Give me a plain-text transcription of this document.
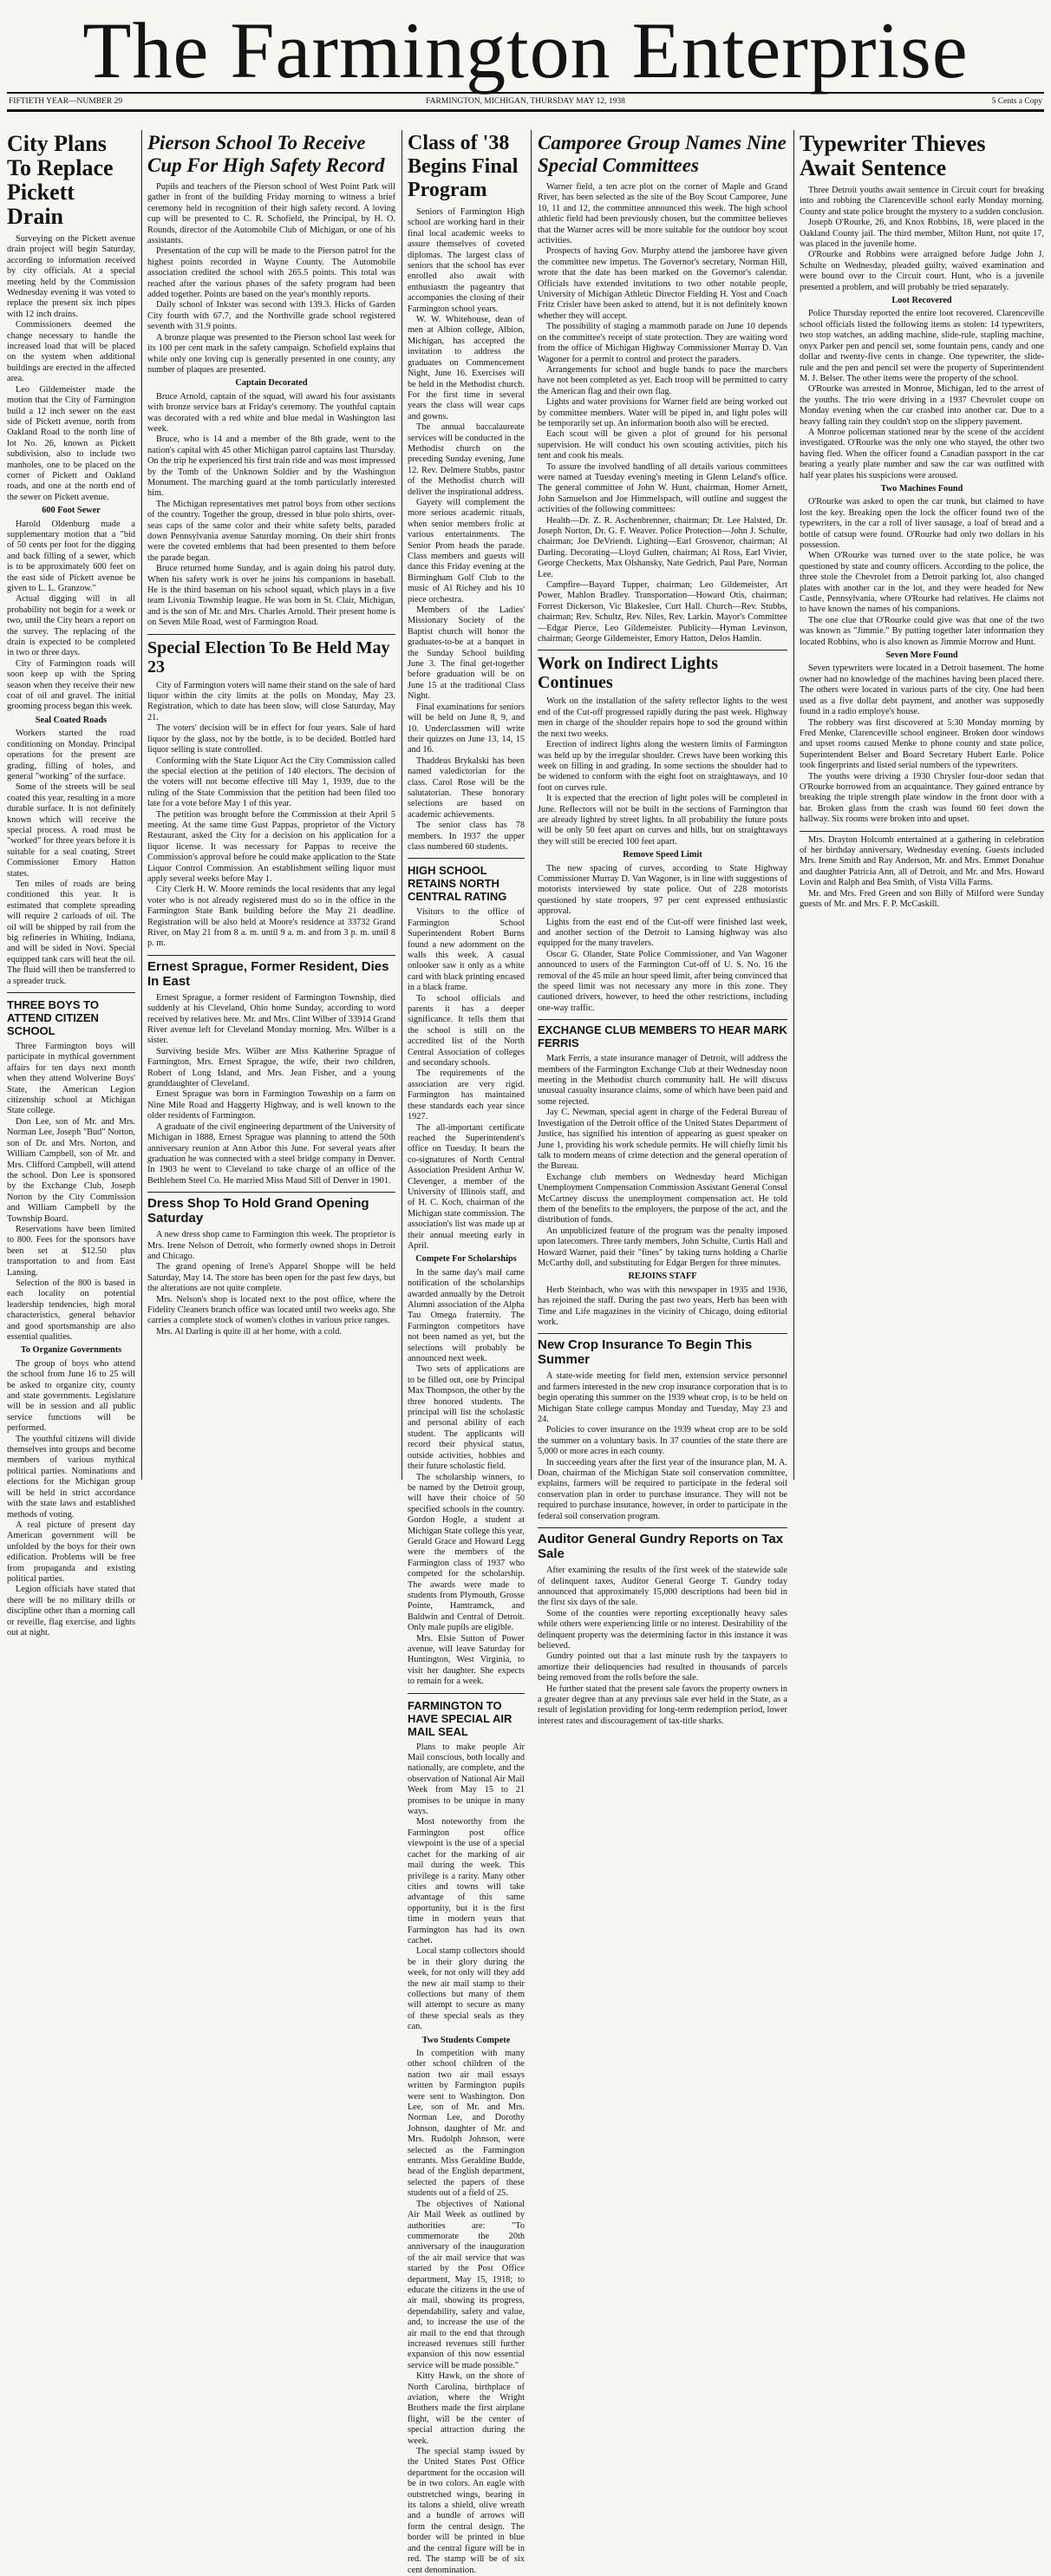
The Farmington Enterprise
FIFTIETH YEAR—NUMBER 29	FARMINGTON, MICHIGAN, THURSDAY MAY 12, 1938	5 Cents a Copy
City Plans To Replace Pickett Drain

Surveying on the Pickett avenue drain project will begin Saturday, according to information received by city officials. At a special meeting held by the Commission Wednesday evening it was voted to replace the present six inch pipes with 12 inch drains.

Commissioners deemed the change necessary to handle the increased load that will be placed on the system when additional buildings are erected in the affected area.

Leo Gildemeister made the motion that the City of Farmington build a 12 inch sewer on the east side of Pickett avenue, north from Oakland Road to the north line of lot No. 26, known as Pickett subdivision, also to include two manholes, one to be placed on the corner of Pickett and Oakland roads, and one at the north end of the sewer on Pickett avenue.

600 Foot Sewer

Harold Oldenburg made a supplementary motion that a "bid of 50 cents per foot for the digging and back filling of a sewer, which is to be approximately 600 feet on the east side of Pickett avenue be given to L. L. Granzow."

Actual digging will in all probability not begin for a week or two, until the City hears a report on the survey. The replacing of the drain is expected to be completed in two or three days.

City of Farmington roads will soon keep up with the Spring season when they receive their new coat of oil and gravel. The initial grooming process began this week.

Seal Coated Roads

Workers started the road conditioning on Monday. Principal operations for the present are grading, filling of holes, and general "working" of the surface.

Some of the streets will be seal coated this year, resulting in a more durable surface. It is not definitely known which will receive the special process. A road must be "worked" for three years before it is suitable for a seal coating, Street Commissioner Emory Hatton states.

Ten miles of roads are being conditioned this year. It is estimated that complete spreading will require 2 carloads of oil. The oil will be shipped by rail from the big refineries in Whiting, Indiana, and will be sided in Novi. Special equipped tank cars will heat the oil. The fluid will then be transferred to a spreader truck.

THREE BOYS TO ATTEND CITIZEN SCHOOL

Three Farmington boys will participate in mythical government affairs for ten days next month when they attend Wolverine Boys' State, the American Legion citizenship school at Michigan State college.

Don Lee, son of Mr. and Mrs. Norman Lee, Joseph "Bud" Norton, son of Dr. and Mrs. Norton, and William Campbell, son of Mr. and Mrs. Clifford Campbell, will attend the school. Don Lee is sponsored by the Exchange Club, Joseph Norton by the City Commission and William Campbell by the Township Board.

Reservations have been limited to 800. Fees for the sponsors have been set at $12.50 plus transportation to and from East Lansing.

Selection of the 800 is based in each locality on potential leadership tendencies, high moral characteristics, general behavior and good sportsmanship are also essential qualities.

To Organize Governments

The group of boys who attend the school from June 16 to 25 will be asked to organize city, county and state governments. Legislature will be in session and all public service functions will be performed.

The youthful citizens will divide themselves into groups and become members of various mythical political parties. Nominations and elections for the Michigan group will be held in strict accordance with the state laws and established methods of voting.

A real picture of present day American government will be unfolded by the boys for their own edification. Problems will be free from propaganda and existing political parties.

Legion officials have stated that there will be no military drills or discipline other than a morning call or reveille, flag exercise, and lights out at night.

Pierson School To Receive Cup For High Safety Record

Pupils and teachers of the Pierson school of West Point Park will gather in front of the building Friday morning to witness a brief ceremony held in recognition of their high safety record. A loving cup will be presented to C. R. Schofield, the Principal, by H. O. Rounds, director of the Automobile Club of Michigan, or one of his assistants.

Presentation of the cup will be made to the Pierson patrol for the highest points recorded in Wayne County. The Automobile association credited the school with 265.5 points. This total was reached after the various phases of the safety program had been added together. Points are based on the year's monthly reports.

Daily school of Inkster was second with 139.3. Hicks of Garden City fourth with 67.7, and the Northville grade school registered seventh with 31.9 points.

A bronze plaque was presented to the Pierson school last week for its 100 per cent mark in the safety campaign. Schofield explains that while only one loving cup is generally presented in one county, any number of plaques are presented.

Captain Decorated

Bruce Arnold, captain of the squad, will award his four assistants with bronze service bars at Friday's ceremony. The youthful captain was decorated with a red white and blue medal in Washington last week.

Bruce, who is 14 and a member of the 8th grade, went to the nation's capital with 45 other Michigan patrol captains last Thursday. On the trip he experienced his first train ride and was most impressed by the Tomb of the Unknown Soldier and by the Washington Monument. The marching guard at the tomb particularly interested him.

The Michigan representatives met patrol boys from other sections of the country. Together the group, dressed in blue polo shirts, over-seas caps of the same color and their white safety belts, paraded down Pennsylvania avenue Saturday morning. On their shirt fronts were the coveted emblems that had been presented to them before the parade began.

Bruce returned home Sunday, and is again doing his patrol duty. When his safety work is over he joins his companions in baseball. He is the third baseman on his school squad, which plays in a five team Livonia Township league. He was born in St. Clair, Michigan, and is the son of Mr. and Mrs. Charles Arnold. Their present home is on Seven Mile Road, west of Farmington Road.

Special Election To Be Held May 23

City of Farmington voters will name their stand on the sale of hard liquor within the city limits at the polls on Monday, May 23. Registration, which to date has been slow, will close Saturday, May 21.

The voters' decision will be in effect for four years. Sale of hard liquor by the glass, not by the bottle, is to be decided. Bottled hard liquor selling is state controlled.

Conforming with the State Liquor Act the City Commission called the special election at the petition of 140 electors. The decision of the voters will not become effective till May 1, 1939, due to the ruling of the State Commission that the petition had been filed too late for a vote before May 1 of this year.

The petition was brought before the Commission at their April 5 meeting. At the same time Gust Pappas, proprietor of the Victory Restaurant, asked the City for a decision on his application for a liquor license. It was necessary for Pappas to receive the Commission's approval before he could make application to the State Liquor Control Commission. An establishment selling liquor must apply several weeks before May 1.

City Clerk H. W. Moore reminds the local residents that any legal voter who is not already registered must do so in the office in the Farmington State Bank building before the May 21 deadline. Registration will be also held at Moore's residence at 33732 Grand River, on May 21 from 8 a. m. until 9 a. m. and from 3 p. m. until 8 p. m.

Ernest Sprague, Former Resident, Dies In East

Ernest Sprague, a former resident of Farmington Township, died suddenly at his Cleveland, Ohio home Sunday, according to word received by relatives here. Mr. and Mrs. Clint Wilber of 33914 Grand River avenue left for Cleveland Monday morning. Mrs. Wilber is a sister.

Surviving beside Mrs. Wilber are Miss Katherine Sprague of Farmington, Mrs. Ernest Sprague, the wife, their two children, Robert of Long Island, and Mrs. Jean Fisher, and a young granddaughter of Cleveland.

Ernest Sprague was born in Farmington Township on a farm on Nine Mile Road and Haggerty Highway, and is well known to the older residents of Farmington.

A graduate of the civil engineering department of the University of Michigan in 1888, Ernest Sprague was planning to attend the 50th anniversary reunion at Ann Arbor this June. For several years after graduation he was connected with a steel bridge company in Denver. In 1903 he went to Cleveland to take charge of an office of the Bethlehem Steel Co. He married Miss Maud Sill of Denver in 1901.

Dress Shop To Hold Grand Opening Saturday

A new dress shop came to Farmington this week. The proprietor is Mrs. Irene Nelson of Detroit, who formerly owned shops in Detroit and Chicago.

The grand opening of Irene's Apparel Shoppe will be held Saturday, May 14. The store has been open for the past few days, but the alterations are not quite complete.

Mrs. Nelson's shop is located next to the post office, where the Fidelity Cleaners branch office was located until two weeks ago. She carries a complete stock of women's clothes in various price ranges.

Mrs. Al Darling is quite ill at her home, with a cold.

Class of '38 Begins Final Program

Seniors of Farmington High school are working hard in their final local academic weeks to assure themselves of coveted diplomas. The largest class of seniors that the school has ever enrolled also await with enthusiasm the pageantry that accompanies the closing of their Farmington school years.

W. W. Whitehouse, dean of men at Albion college, Albion, Michigan, has accepted the invitation to address the graduates on Commencement Night, June 16. Exercises will be held in the Methodist church. For the first time in several years the class will wear caps and gowns.

The annual baccalaureate services will be conducted in the Methodist church on the preceding Sunday evening, June 12. Rev. Delmere Stubbs, pastor of the Methodist church will deliver the inspirational address.

Gayety will complement the more serious academic rituals, when senior members frolic at various entertainments. The Senior Prom heads the parade. Class members and guests will dance this Friday evening at the Birmingham Golf Club to the music of Al Richey and his 10 piece orchestra.

Members of the Ladies' Missionary Society of the Baptist church will honor the graduates-to-be at a banquet in the Sunday School building June 3. The final get-together before graduation will be on June 15 at the traditional Class Night.

Final examinations for seniors will be held on June 8, 9, and 10. Underclassmen will write their quizzes on June 13, 14, 15 and 16.

Thaddeus Brykalski has been named valedictorian for the class. Carol Rose will be the salutatorian. These honorary selections are based on academic achievements.

The senior class has 78 members. In 1937 the upper class numbered 60 students.

HIGH SCHOOL RETAINS NORTH CENTRAL RATING

Visitors to the office of Farmington School Superintendent Robert Burns found a new adornment on the walls this week. A casual onlooker saw it only as a white card with black printing encased in a black frame.

To school officials and parents it has a deeper significance. It tells them that the school is still on the accredited list of the North Central Association of colleges and secondary schools.

The requirements of the association are very rigid. Farmington has maintained these standards each year since 1927.

The all-important certificate reached the Superintendent's office on Tuesday. It bears the co-signatures of North Central Association President Arthur W. Clevenger, a member of the University of Illinois staff, and of H. C. Koch, chairman of the Michigan state commission. The association's list was made up at their annual meeting early in April.

Compete For Scholarships

In the same day's mail came notification of the scholarships awarded annually by the Detroit Alumni association of the Alpha Tau Omega fraternity. The Farmington competitors have not been named as yet, but the selections will probably be announced next week.

Two sets of applications are to be filled out, one by Principal Max Thompson, the other by the three honored students. The principal will list the scholastic and personal ability of each student. The applicants will record their physical status, outside activities, hobbies and their future scholastic field.

The scholarship winners, to be named by the Detroit group, will have their choice of 50 specified schools in the country. Gordon Hogle, a student at Michigan State college this year, Gerald Grace and Howard Legg were the members of the Farmington class of 1937 who competed for the scholarship. The awards were made to students from Plymouth, Grosse Pointe, Hamtramck, and Baldwin and Central of Detroit. Only male pupils are eligible.

Mrs. Elsie Sutton of Power avenue, will leave Saturday for Huntington, West Virginia, to visit her daughter. She expects to remain for a week.

FARMINGTON TO HAVE SPECIAL AIR MAIL SEAL

Plans to make people Air Mail conscious, both locally and nationally, are complete, and the observation of National Air Mail Week from May 15 to 21 promises to be unique in many ways.

Most noteworthy from the Farmington post office viewpoint is the use of a special cachet for the marking of air mail during the week. This privilege is a rarity. Many other cities and towns will take advantage of this same opportunity, but it is the first time in modern years that Farmington has had its own cachet.

Local stamp collectors should be in their glory during the week, for not only will they add the new air mail stamp to their collections but many of them will attempt to secure as many of these special seals as they can.

Two Students Compete

In competition with many other school children of the nation two air mail essays written by Farmington pupils were sent to Washington. Don Lee, son of Mr. and Mrs. Norman Lee, and Dorothy Johnson, daughter of Mr. and Mrs. Rudolph Johnson, were selected as the Farmington entrants. Miss Geraldine Budde, head of the English department, selected the papers of these students out of a field of 25.

The objectives of National Air Mail Week as outlined by authorities are: "To commemorate the 20th anniversary of the inauguration of the air mail service that was started by the Post Office department, May 15, 1918; to educate the citizens in the use of air mail, showing its progress, dependability, safety and value, and, to increase the use of the air mail to the end that through increased revenues still further expansion of this now essential service will be made possible."

Kitty Hawk, on the shore of North Carolina, birthplace of aviation, where the Wright Brothers made the first airplane flight, will be the center of special attraction during the week.

The special stamp issued by the United States Post Office department for the occasion will be in two colors. An eagle with outstretched wings, bearing in its talons a shield, olive wreath and a bundle of arrows will form the central design. The border will be printed in blue and the central figure will be in red. The stamp will be of six cent denomination.

Camporee Group Names Nine Special Committees

Warner field, a ten acre plot on the corner of Maple and Grand River, has been selected as the site of the Boy Scout Camporee, June 10, 11 and 12, the committee announced this week. The high school athletic field had been previously chosen, but the committee believes that the Warner acres will be more suitable for the outdoor boy scout activities.

Prospects of having Gov. Murphy attend the jamboree have given the committee new impetus. The Governor's secretary, Norman Hill, wrote that the date has been marked on the Governor's calendar. Officials have extended invitations to two other notable people, University of Michigan Athletic Director Fielding H. Yost and Coach Fritz Crisler have been asked to attend, but it is not definitely known whether they will accept.

The possibility of staging a mammoth parade on June 10 depends on the committee's receipt of state protection. They are waiting word from the office of Michigan Highway Commissioner Murray D. Van Wagoner for a permit to control and protect the paraders.

Arrangements for school and bugle bands to pace the marchers have not been completed as yet. Each troop will be permitted to carry the American flag and their own flag.

Lights and water provisions for Warner field are being worked out by committee members. Water will be piped in, and light poles will be temporarily set up. An information booth also will be erected.

Each scout will be given a plot of ground for his personal supervision. He will conduct his own scouting activities, pitch his tent and cook his meals.

To assure the involved handling of all details various committees were named at Tuesday evening's meeting in Glenn Leland's office. The general committee of John W. Hunt, chairman, Homer Arnett, John Samuelson and Joe Himmelspach, will outline and suggest the activities of the following committees:

Health—Dr. Z. R. Aschenbrenner, chairman; Dr. Lee Halsted, Dr. Joseph Norton, Dr. G. F. Weaver. Police Protection—John J. Schulte, chairman; Joe DeVriendt. Lighting—Earl Grosvenor, chairman; Al Darling. Decorating—Lloyd Gulten, chairman; Al Ross, Earl Vivier, George Checketts, Max Olshansky, Nate Gedrich, Paul Pare, Norman Lee.

Campfire—Bayard Tupper, chairman; Leo Gildemeister, Art Power, Mahlon Bradley. Transportation—Howard Otis, chairman; Forrest Dickerson, Vic Blakeslee, Curt Hall. Church—Rev. Stubbs, chairman; Rev. Schultz, Rev. Niles, Rev. Larkin. Mayor's Committee—Edgar Pierce, Leo Gildemeister. Publicity—Hyman Levinson, chairman; George Gildemeister, Emory Hatton, Delos Hamlin.

Work on Indirect Lights Continues

Work on the installation of the safety reflector lights to the west end of the Cut-off progressed rapidly during the past week. Highway men in charge of the shoulder repairs hope to sod the ground within the next two weeks.

Erection of indirect lights along the western limits of Farmington was held up by the irregular shoulder. Crews have been working this week on filling in and grading. In some sections the shoulder had to be widened to conform with the eight foot on straightaways, and 10 foot on curves rule.

It is expected that the erection of light poles will be completed in June. Reflectors will not be built in the sections of Farmington that are already lighted by street lights. In all probability the future posts will be only 50 feet apart on curves and hills, but on straightaways they will still be erected 100 feet apart.

Remove Speed Limit

The new spacing of curves, according to State Highway Commissioner Murray D. Van Wagoner, is in line with suggestions of motorists interviewed by state police. Out of 228 motorists questioned by state troopers, 97 per cent expressed enthusiastic approval.

Lights from the east end of the Cut-off were finished last week, and another section of the Detroit to Lansing highway was also equipped for the many travelers.

Oscar G. Olander, State Police Commissioner, and Van Wagoner announced to users of the Farmington Cut-off of U. S. No. 16 the removal of the 45 mile an hour speed limit, after being convinced that the speed limit was not necessary any more in this zone. They cautioned drivers, however, to heed the other restrictions, including one-way traffic.

EXCHANGE CLUB MEMBERS TO HEAR MARK FERRIS

Mark Ferris, a state insurance manager of Detroit, will address the members of the Farmington Exchange Club at their Wednesday noon meeting in the Methodist church community hall. He will discuss unusual casualty insurance claims, some of which have been paid and some rejected.

Jay C. Newman, special agent in charge of the Federal Bureau of Investigation of the Detroit office of the United States Department of Justice, has signified his intention of appearing as guest speaker on June 1, providing his work schedule permits. He will chiefly limit his talk to modern means of crime detection and the general operation of the Bureau.

Exchange club members on Wednesday heard Michigan Unemployment Compensation Commission Assistant General Consul McCartney discuss the unemployment compensation act. He told them of the benefits to the employers, the purpose of the act, and the distribution of funds.

An unpublicized feature of the program was the penalty imposed upon latecomers. Three tardy members, John Schulte, Curtis Hall and Howard Warner, paid their "fines" by taking turns holding a Charlie McCarthy doll, and substituting for Edgar Bergen for three minutes.

REJOINS STAFF

Herb Steinbach, who was with this newspaper in 1935 and 1936, has rejoined the staff. During the past two years, Herb has been with Time and Life magazines in the vicinity of Chicago, doing editorial work.

New Crop Insurance To Begin This Summer

A state-wide meeting for field men, extension service personnel and farmers interested in the new crop insurance corporation that is to begin operating this summer on the 1939 wheat crop, is to be held on Michigan State college campus Monday and Tuesday, May 23 and 24.

Policies to cover insurance on the 1939 wheat crop are to be sold the summer on a voluntary basis. In 37 counties of the state there are 5,000 or more acres in each county.

In succeeding years after the first year of the insurance plan, M. A. Doan, chairman of the Michigan State soil conservation committee, explains, farmers will be required to participate in the federal soil conservation plan in order to purchase insurance. They will not be required to purchase insurance, however, in order to participate in the federal soil conservation program.

Auditor General Gundry Reports on Tax Sale

After examining the results of the first week of the statewide sale of delinquent taxes, Auditor General George T. Gundry today announced that approximately 15,000 descriptions had been bid in the first six days of the sale.

Some of the counties were reporting exceptionally heavy sales while others were experiencing little or no interest. Desirability of the delinquent property was the determining factor in this instance it was believed.

Gundry pointed out that a last minute rush by the taxpayers to amortize their delinquencies had resulted in thousands of parcels being removed from the rolls before the sale.

He further stated that the present sale favors the property owners in a greater degree than at any previous sale ever held in the State, as a result of legislation providing for long-term redemption period, lower interest rates and discouragement of tax-title sharks.

Typewriter Thieves Await Sentence

Three Detroit youths await sentence in Circuit court for breaking into and robbing the Clarenceville school early Monday morning. County and state police brought the mystery to a sudden conclusion.

Joseph O'Rourke, 26, and Knox Robbins, 18, were placed in the Oakland County jail. The third member, Milton Hunt, not quite 17, was placed in the juvenile home.

O'Rourke and Robbins were arraigned before Judge John J. Schulte on Wednesday, pleaded guilty, waived examination and were bound over to the Circuit court. Hunt, who is a juvenile presented a problem, and will probably be tried separately.

Loot Recovered

Police Thursday reported the entire loot recovered. Clarenceville school officials listed the following items as stolen: 14 typewriters, two stop watches, an adding machine, slide-rule, stapling machine, onyx Parker pen and pencil set, some fountain pens, candy and one dollar and twenty-five cents in change. One typewriter, the slide-rule and the pen and pencil set were the property of Superintendent M. J. Belser. The other items were the property of the school.

O'Rourke was arrested in Monroe, Michigan, led to the arrest of the youths. The trio were driving in a 1937 Chevrolet coupe on Monday evening when the car crashed into another car. Due to a heavy falling rain they couldn't stop on the slippery pavement.

A Monroe policeman stationed near by the scene of the accident investigated. O'Rourke was the only one who stayed, the other two having fled. When the officer found a Canadian passport in the car bearing a yearly plate number and saw the car was outfitted with half year plates his suspicions were aroused.

Two Machines Found

O'Rourke was asked to open the car trunk, but claimed to have lost the key. Breaking open the lock the officer found two of the typewriters, in the car a roll of liver sausage, a loaf of bread and a bottle of catsup were found. O'Rourke had only two dollars in his possession.

When O'Rourke was turned over to the state police, he was questioned by state and county officers. According to the police, the three stole the Chevrolet from a Detroit parking lot, also changed plates with another car in the lot, and they were headed for New Castle, Pennsylvania, where O'Rourke had relatives. He claims not to have known the names of his companions.

The one clue that O'Rourke could give was that one of the two was known as "Jimmie." By putting together later information they located Robbins, who is also known as Jimmie Morrow and Hunt.

Seven More Found

Seven typewriters were located in a Detroit basement. The home owner had no knowledge of the machines having been placed there. The others were located in various parts of the city. One had been used as a five dollar debt payment, and another was supposedly found in a radio employe's house.

The robbery was first discovered at 5:30 Monday morning by Fred Menke, Clarenceville school engineer. Broken door windows and upset rooms caused Menke to phone county and state police, Superintendent Belser and Board Secretary Hubert Earle. Police took fingerprints and listed serial numbers of the typewriters.

The youths were driving a 1930 Chrysler four-door sedan that O'Rourke borrowed from an acquaintance. They gained entrance by breaking the triple strength plate window in the front door with a bar. Broken glass from the crash was found 60 feet down the hallway. Six rooms were broken into and upset.

Mrs. Drayton Holcomb entertained at a gathering in celebration of her birthday anniversary, Wednesday evening. Guests included Mrs. Irene Smith and Ray Anderson, Mr. and Mrs. Emmet Donahue and daughter Patricia Ann, all of Detroit, and Mr. and Mrs. Howard Lovin and Ralph and Bea Smith, of Vista Villa Farms.

Mr. and Mrs. Fred Green and son Billy of Milford were Sunday guests of Mr. and Mrs. F. P. McCaskill.
